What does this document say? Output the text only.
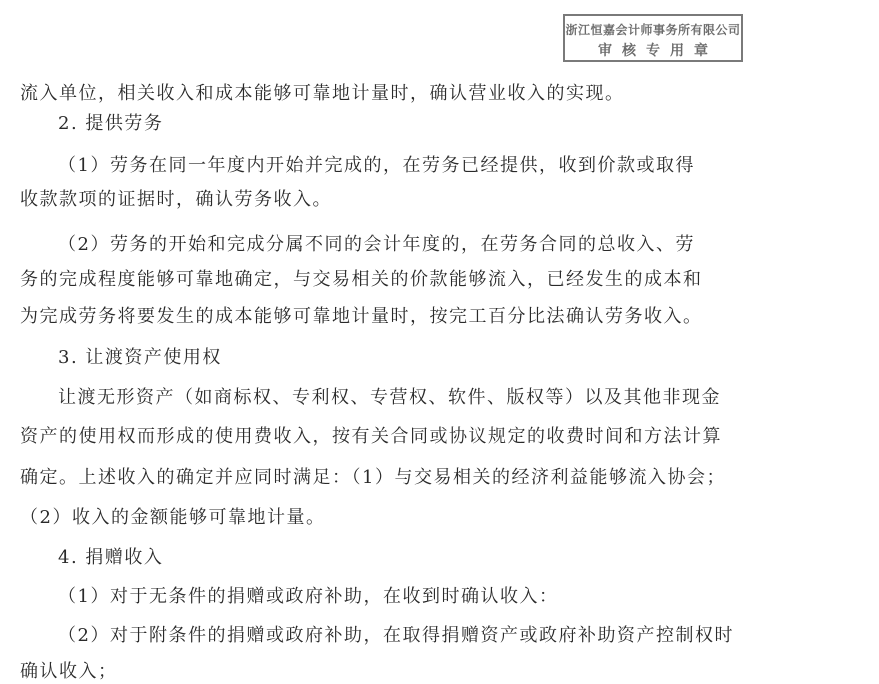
浙江恒嘉会计师事务所有限公司
审核专用章
流入单位，相关收入和成本能够可靠地计量时，确认营业收入的实现。
2. 提供劳务
（1）劳务在同一年度内开始并完成的，在劳务已经提供，收到价款或取得
收款款项的证据时，确认劳务收入。
（2）劳务的开始和完成分属不同的会计年度的，在劳务合同的总收入、劳
务的完成程度能够可靠地确定，与交易相关的价款能够流入，已经发生的成本和
为完成劳务将要发生的成本能够可靠地计量时，按完工百分比法确认劳务收入。
3. 让渡资产使用权
让渡无形资产（如商标权、专利权、专营权、软件、版权等）以及其他非现金
资产的使用权而形成的使用费收入，按有关合同或协议规定的收费时间和方法计算
确定。上述收入的确定并应同时满足：（1）与交易相关的经济利益能够流入协会；
（2）收入的金额能够可靠地计量。
4. 捐赠收入
（1）对于无条件的捐赠或政府补助，在收到时确认收入：
（2）对于附条件的捐赠或政府补助，在取得捐赠资产或政府补助资产控制权时
确认收入；
